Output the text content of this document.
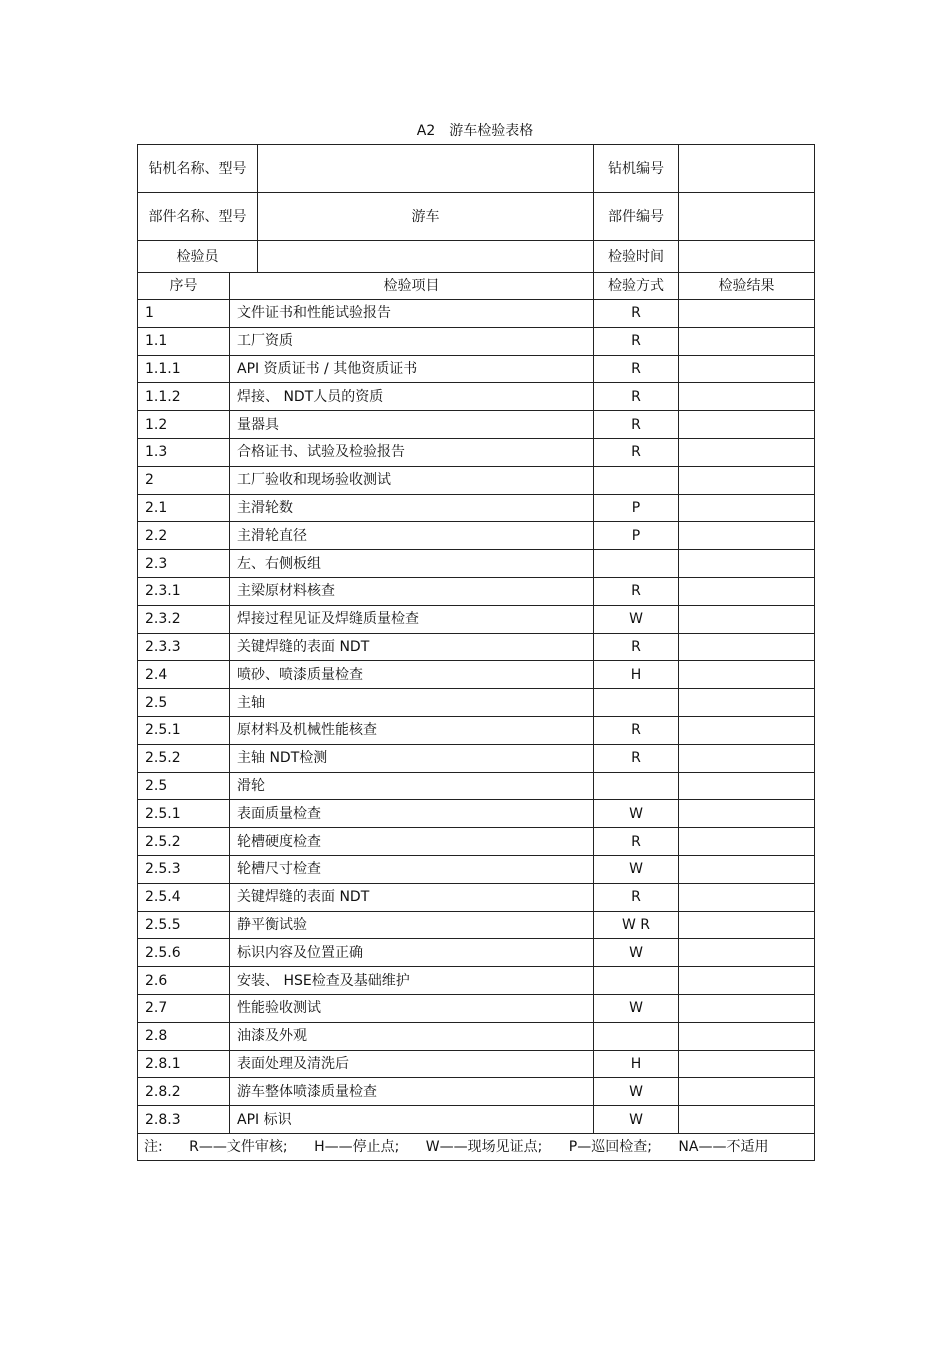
A2 游车检验表格
钻机名称、型号			钻机编号	
部件名称、型号		游车	部件编号	
检验员			检验时间	
序号	检验项目		检验方式	检验结果
1	文件证书和性能试验报告		R	
1.1	工厂资质		R	
1.1.1	API 资质证书 / 其他资质证书		R	
1.1.2	焊接、 NDT人员的资质		R	
1.2	量器具		R	
1.3	合格证书、试验及检验报告		R	
2	工厂验收和现场验收测试			
2.1	主滑轮数		P	
2.2	主滑轮直径		P	
2.3	左、右侧板组			
2.3.1	主梁原材料核查		R	
2.3.2	焊接过程见证及焊缝质量检查		W	
2.3.3	关键焊缝的表面 NDT		R	
2.4	喷砂、喷漆质量检查		H	
2.5	主轴			
2.5.1	原材料及机械性能核查		R	
2.5.2	主轴 NDT检测		R	
2.5	滑轮			
2.5.1	表面质量检查		W	
2.5.2	轮槽硬度检查		R	
2.5.3	轮槽尺寸检查		W	
2.5.4	关键焊缝的表面 NDT		R	
2.5.5	静平衡试验		W R	
2.5.6	标识内容及位置正确		W	
2.6	安装、 HSE检查及基础维护			
2.7	性能验收测试		W	
2.8	油漆及外观			
2.8.1	表面处理及清洗后		H	
2.8.2	游车整体喷漆质量检查		W	
2.8.3	API 标识		W	
注: R——文件审核; H——停止点; W——现场见证点; P—巡回检查; NA——不适用				
